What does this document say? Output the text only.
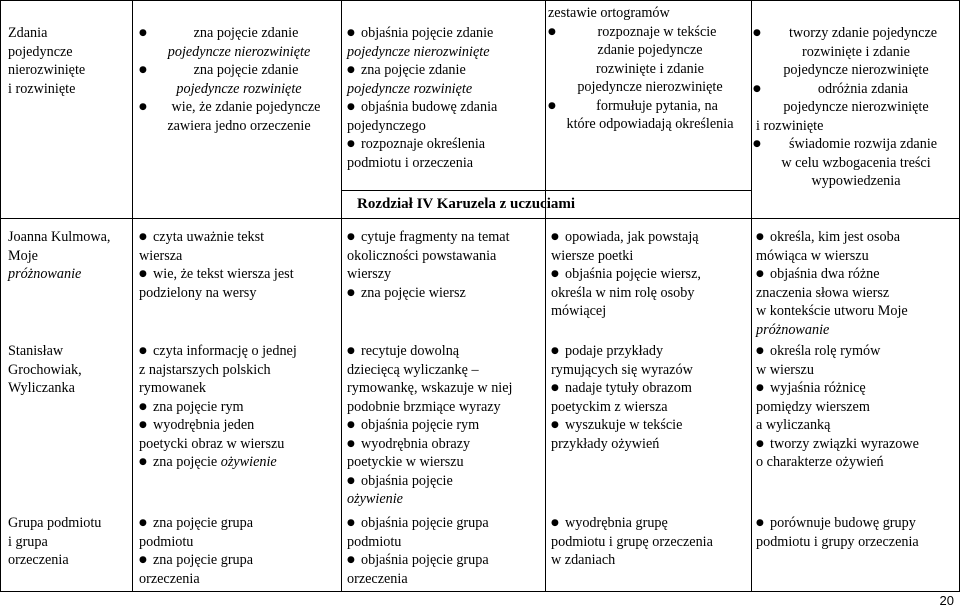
Zdania
pojedyncze
nierozwinięte
i rozwinięte
Joanna Kulmowa, Moje
próżnowanie
Stanisław
Grochowiak,
Wyliczanka
Grupa podmiotu
i grupa
orzeczenia
● zna pojęcie zdanie
pojedyncze nierozwinięte
● zna pojęcie zdanie
pojedyncze rozwinięte
● wie, że zdanie pojedyncze
zawiera jedno orzeczenie
● czyta uważnie tekst
wiersza
● wie, że tekst wiersza jest
podzielony na wersy
● czyta informację o jednej
z najstarszych polskich
rymowanek
● zna pojęcie rym
● wyodrębnia jeden
poetycki obraz w wierszu
● zna pojęcie ożywienie
● zna pojęcie grupa
podmiotu
● zna pojęcie grupa
orzeczenia
● objaśnia pojęcie zdanie
pojedyncze nierozwinięte
● zna pojęcie zdanie
pojedyncze rozwinięte
● objaśnia budowę zdania
pojedynczego
● rozpoznaje określenia
podmiotu i orzeczenia
Rozdział IV Karuzela z uczuciami
● cytuje fragmenty na temat
okoliczności powstawania
wierszy
● zna pojęcie wiersz
● recytuje dowolną
dziecięcą wyliczankę –
rymowankę, wskazuje w niej
podobnie brzmiące wyrazy
● objaśnia pojęcie rym
● wyodrębnia obrazy
poetyckie w wierszu
● objaśnia pojęcie
ożywienie
● objaśnia pojęcie grupa
podmiotu
● objaśnia pojęcie grupa
orzeczenia
zestawie ortogramów
● rozpoznaje w tekście
zdanie pojedyncze
rozwinięte i zdanie
pojedyncze nierozwinięte
● formułuje pytania, na
które odpowiadają określenia
● opowiada, jak powstają
wiersze poetki
● objaśnia pojęcie wiersz,
określa w nim rolę osoby
mówiącej
● podaje przykłady
rymujących się wyrazów
● nadaje tytuły obrazom
poetyckim z wiersza
● wyszukuje w tekście
przykłady ożywień
● wyodrębnia grupę
podmiotu i grupę orzeczenia
w zdaniach
● tworzy zdanie pojedyncze
rozwinięte i zdanie
pojedyncze nierozwinięte
● odróżnia zdania
pojedyncze nierozwinięte
i rozwinięte
● świadomie rozwija zdanie
w celu wzbogacenia treści
wypowiedzenia
● określa, kim jest osoba
mówiąca w wierszu
● objaśnia dwa różne
znaczenia słowa wiersz
w kontekście utworu Moje
próżnowanie
● określa rolę rymów
w wierszu
● wyjaśnia różnicę
pomiędzy wierszem
a wyliczanką
● tworzy związki wyrazowe
o charakterze ożywień
● porównuje budowę grupy
podmiotu i grupy orzeczenia
20
